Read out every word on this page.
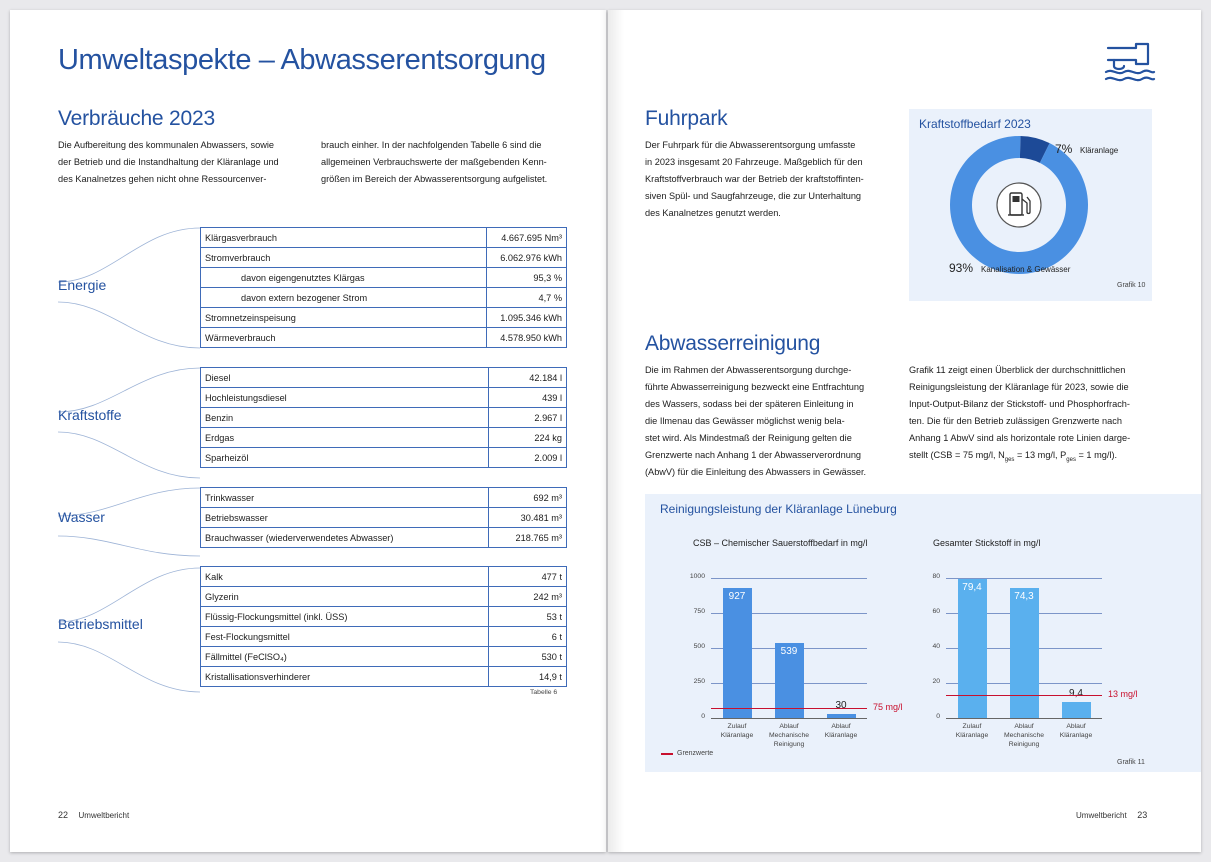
Umweltaspekte – Abwasserentsorgung
Verbräuche 2023
Die Aufbereitung des kommunalen Abwassers, sowie
der Betrieb und die Instandhaltung der Kläranlage und
des Kanalnetzes gehen nicht ohne Ressourcenver-
brauch einher. In der nachfolgenden Tabelle 6 sind die
allgemeinen Verbrauchswerte der maßgebenden Kenn-
größen im Bereich der Abwasserentsorgung aufgelistet.
Energie
Kraftstoffe
Wasser
Betriebsmittel
Klärgasverbrauch	4.667.695 Nm³
Stromverbrauch	6.062.976 kWh
davon eigengenutztes Klärgas	95,3 %
davon extern bezogener Strom	4,7 %
Stromnetzeinspeisung	1.095.346 kWh
Wärmeverbrauch	4.578.950 kWh
Diesel	42.184 l
Hochleistungsdiesel	439 l
Benzin	2.967 l
Erdgas	224 kg
Sparheizöl	2.009 l
Trinkwasser	692 m³
Betriebswasser	30.481 m³
Brauchwasser (wiederverwendetes Abwasser)	218.765 m³
Kalk	477 t
Glyzerin	242 m³
Flüssig-Flockungsmittel (inkl. ÜSS)	53 t
Fest-Flockungsmittel	6 t
Fällmittel (FeClSO₄)	530 t
Kristallisationsverhinderer	14,9 t
Tabelle 6
22 Umweltbericht
Fuhrpark
Der Fuhrpark für die Abwasserentsorgung umfasste
in 2023 insgesamt 20 Fahrzeuge. Maßgeblich für den
Kraftstoffverbrauch war der Betrieb der kraftstoffinten-
siven Spül- und Saugfahrzeuge, die zur Unterhaltung
des Kanalnetzes genutzt werden.
Kraftstoffbedarf 2023
7% Kläranlage
93% Kanalisation & Gewässer
Grafik 10
Abwasserreinigung
Die im Rahmen der Abwasserentsorgung durchge-
führte Abwasserreinigung bezweckt eine Entfrachtung
des Wassers, sodass bei der späteren Einleitung in
die Ilmenau das Gewässer möglichst wenig bela-
stet wird. Als Mindestmaß der Reinigung gelten die
Grenzwerte nach Anhang 1 der Abwasserverordnung
(AbwV) für die Einleitung des Abwassers in Gewässer.
Grafik 11 zeigt einen Überblick der durchschnittlichen
Reinigungsleistung der Kläranlage für 2023, sowie die
Input-Output-Bilanz der Stickstoff- und Phosphorfrach-
ten. Die für den Betrieb zulässigen Grenzwerte nach
Anhang 1 AbwV sind als horizontale rote Linien darge-
stellt (CSB = 75 mg/l, $N_{ges} = 13$ mg/l, $P_{ges} = 1$ mg/l).
Reinigungsleistung der Kläranlage Lüneburg
CSB – Chemischer Sauerstoffbedarf in mg/l	Gesamter Stickstoff in mg/l
0
250
500
750
1000
927
Zulauf
Kläranlage
539
Ablauf
Mechanische
Reinigung
30
Ablauf
Kläranlage
75 mg/l
0
20
40
60
80
79,4
Zulauf
Kläranlage
74,3
Ablauf
Mechanische
Reinigung
9,4
Ablauf
Kläranlage
13 mg/l
Grenzwerte
Grafik 11
Umweltbericht 23
